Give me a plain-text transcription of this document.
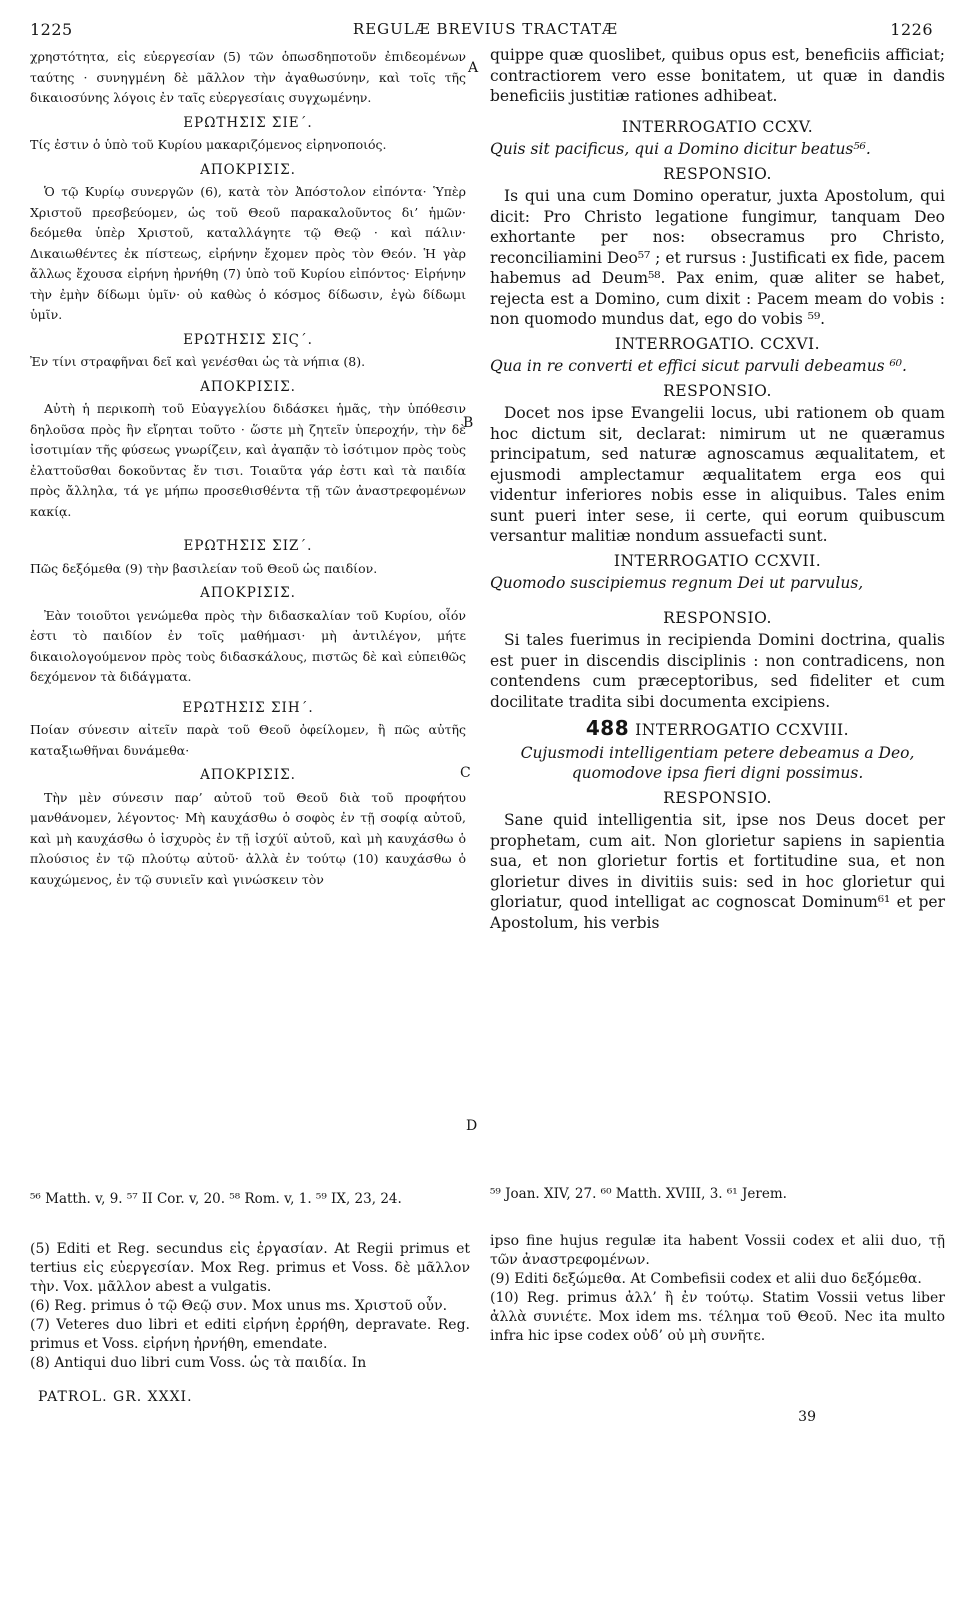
1225	REGULÆ BREVIUS TRACTATÆ	1226

χρηστότητα, εἰς εὐεργεσίαν (5) τῶν ὁπωσδηποτοῦν ἐπιδεομένων ταύτης · συνηγμένη δὲ μᾶλλον τὴν ἀγαθωσύνην, καὶ τοῖς τῆς δικαιοσύνης λόγοις ἐν ταῖς εὐεργεσίαις συγχωμένην.

ΕΡΩΤΗΣΙΣ ΣΙΕ΄.

Τίς ἐστιν ὁ ὑπὸ τοῦ Κυρίου μακαριζόμενος εἰρηνοποιός.

ΑΠΟΚΡΙΣΙΣ.

Ὁ τῷ Κυρίῳ συνεργῶν (6), κατὰ τὸν Ἀπόστολον εἰπόντα· Ὑπὲρ Χριστοῦ πρεσβεύομεν, ὡς τοῦ Θεοῦ παρακαλοῦντος δι’ ἡμῶν· δεόμεθα ὑπὲρ Χριστοῦ, καταλλάγητε τῷ Θεῷ · καὶ πάλιν· Δικαιωθέντες ἐκ πίστεως, εἰρήνην ἔχομεν πρὸς τὸν Θεόν. Ἡ γὰρ ἄλλως ἔχουσα εἰρήνη ἠρνήθη (7) ὑπὸ τοῦ Κυρίου εἰπόντος· Εἰρήνην τὴν ἐμὴν δίδωμι ὑμῖν· οὐ καθὼς ὁ κόσμος δίδωσιν, ἐγὼ δίδωμι ὑμῖν.

ΕΡΩΤΗΣΙΣ ΣΙϚ΄.

Ἐν τίνι στραφῆναι δεῖ καὶ γενέσθαι ὡς τὰ νήπια (8).

ΑΠΟΚΡΙΣΙΣ.

Αὐτὴ ἡ περικοπὴ τοῦ Εὐαγγελίου διδάσκει ἡμᾶς, τὴν ὑπόθεσιν δηλοῦσα πρὸς ἣν εἴρηται τοῦτο · ὥστε μὴ ζητεῖν ὑπεροχήν, τὴν δὲ ἰσοτιμίαν τῆς φύσεως γνωρίζειν, καὶ ἀγαπᾷν τὸ ἰσότιμον πρὸς τοὺς ἐλαττοῦσθαι δοκοῦντας ἔν τισι. Τοιαῦτα γάρ ἐστι καὶ τὰ παιδία πρὸς ἄλληλα, τά γε μήπω προσεθισθέντα τῇ τῶν ἀναστρεφομένων κακίᾳ.

ΕΡΩΤΗΣΙΣ ΣΙΖ΄.

Πῶς δεξόμεθα (9) τὴν βασιλείαν τοῦ Θεοῦ ὡς παιδίον.

ΑΠΟΚΡΙΣΙΣ.

Ἐὰν τοιοῦτοι γενώμεθα πρὸς τὴν διδασκαλίαν τοῦ Κυρίου, οἷόν ἐστι τὸ παιδίον ἐν τοῖς μαθήμασι· μὴ ἀντιλέγον, μήτε δικαιολογούμενον πρὸς τοὺς διδασκάλους, πιστῶς δὲ καὶ εὐπειθῶς δεχόμενον τὰ διδάγματα.

ΕΡΩΤΗΣΙΣ ΣΙΗ΄.

Ποίαν σύνεσιν αἰτεῖν παρὰ τοῦ Θεοῦ ὀφείλομεν, ἢ πῶς αὐτῆς καταξιωθῆναι δυνάμεθα·

ΑΠΟΚΡΙΣΙΣ.

Τὴν μὲν σύνεσιν παρ’ αὐτοῦ τοῦ Θεοῦ διὰ τοῦ προφήτου μανθάνομεν, λέγοντος· Μὴ καυχάσθω ὁ σοφὸς ἐν τῇ σοφίᾳ αὐτοῦ, καὶ μὴ καυχάσθω ὁ ἰσχυρὸς ἐν τῇ ἰσχύϊ αὐτοῦ, καὶ μὴ καυχάσθω ὁ πλούσιος ἐν τῷ πλούτῳ αὐτοῦ· ἀλλὰ ἐν τούτῳ (10) καυχάσθω ὁ καυχώμενος, ἐν τῷ συνιεῖν καὶ γινώσκειν τὸν

A
B
C
D

quippe quæ quoslibet, quibus opus est, beneficiis afficiat; contractiorem vero esse bonitatem, ut quæ in dandis beneficiis justitiæ rationes adhibeat.

INTERROGATIO CCXV.

Quis sit pacificus, qui a Domino dicitur beatus⁵⁶.

RESPONSIO.

Is qui una cum Domino operatur, juxta Apostolum, qui dicit: Pro Christo legatione fungimur, tanquam Deo exhortante per nos: obsecramus pro Christo, reconciliamini Deo⁵⁷ ; et rursus : Justificati ex fide, pacem habemus ad Deum⁵⁸. Pax enim, quæ aliter se habet, rejecta est a Domino, cum dixit : Pacem meam do vobis : non quomodo mundus dat, ego do vobis ⁵⁹.

INTERROGATIO. CCXVI.

Qua in re converti et effici sicut parvuli debeamus ⁶⁰.

RESPONSIO.

Docet nos ipse Evangelii locus, ubi rationem ob quam hoc dictum sit, declarat: nimirum ut ne quæramus principatum, sed naturæ agnoscamus æqualitatem, et ejusmodi amplectamur æqualitatem erga eos qui videntur inferiores nobis esse in aliquibus. Tales enim sunt pueri inter sese, ii certe, qui eorum quibuscum versantur malitiæ nondum assuefacti sunt.

INTERROGATIO CCXVII.

Quomodo suscipiemus regnum Dei ut parvulus,

RESPONSIO.

Si tales fuerimus in recipienda Domini doctrina, qualis est puer in discendis disciplinis : non contradicens, non contendens cum præceptoribus, sed fideliter et cum docilitate tradita sibi documenta excipiens.

488 INTERROGATIO CCXVIII.

Cujusmodi intelligentiam petere debeamus a Deo, quomodove ipsa fieri digni possimus.

RESPONSIO.

Sane quid intelligentia sit, ipse nos Deus docet per prophetam, cum ait. Non glorietur sapiens in sapientia sua, et non glorietur fortis et fortitudine sua, et non glorietur dives in divitiis suis: sed in hoc glorietur qui gloriatur, quod intelligat ac cognoscat Dominum⁶¹ et per Apostolum, his verbis

⁵⁶ Matth. v, 9. ⁵⁷ II Cor. v, 20. ⁵⁸ Rom. v, 1. ⁵⁹ IX, 23, 24.	⁵⁹ Joan. XIV, 27. ⁶⁰ Matth. XVIII, 3. ⁶¹ Jerem.

(5) Editi et Reg. secundus εἰς ἐργασίαν. At Regii primus et tertius εἰς εὐεργεσίαν. Mox Reg. primus et Voss. δὲ μᾶλλον τὴν. Vox. μᾶλλον abest a vulgatis.

(6) Reg. primus ὁ τῷ Θεῷ συν. Mox unus ms. Χριστοῦ οὖν.

(7) Veteres duo libri et editi εἰρήνη ἐρρήθη, depravate. Reg. primus et Voss. εἰρήνη ἠρνήθη, emendate.

(8) Antiqui duo libri cum Voss. ὡς τὰ παιδία. In

ipso fine hujus regulæ ita habent Vossii codex et alii duo, τῇ τῶν ἀναστρεφομένων.

(9) Editi δεξώμεθα. At Combefisii codex et alii duo δεξόμεθα.

(10) Reg. primus ἀλλ’ ἢ ἐν τούτῳ. Statim Vossii vetus liber ἀλλὰ συνιέτε. Mox idem ms. τέλημα τοῦ Θεοῦ. Nec ita multo infra hic ipse codex οὐδ’ οὐ μὴ συνῆτε.

PATROL. GR. XXXI.
39
